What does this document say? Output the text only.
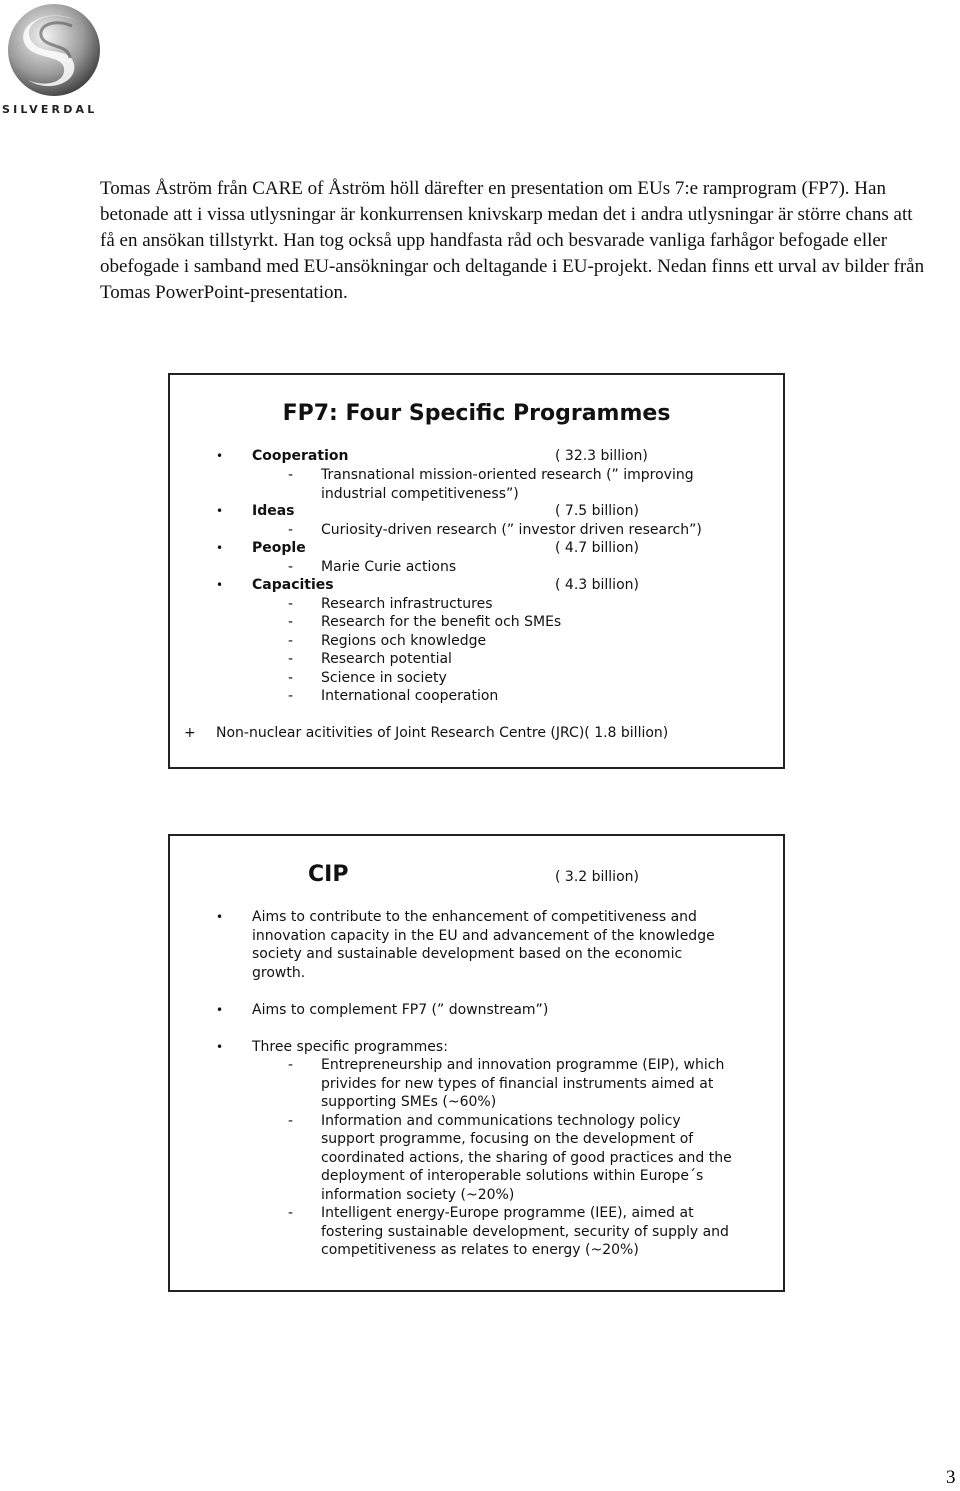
SILVERDAL
Tomas Åström från CARE of Åström höll därefter en presentation om EUs 7:e ramprogram (FP7). Han betonade att i vissa utlysningar är konkurrensen knivskarp medan det i andra utlysningar är större chans att få en ansökan tillstyrkt. Han tog också upp handfasta råd och besvarade vanliga farhågor befogade eller obefogade i samband med EU-ansökningar och deltagande i EU-projekt. Nedan finns ett urval av bilder från Tomas PowerPoint-presentation.
FP7: Four Specific Programmes
•
Cooperation	( 32.3 billion)
-
Transnational mission-oriented research (” improving
industrial competitiveness”)
•
Ideas	( 7.5 billion)
-
Curiosity-driven research (” investor driven research”)
•
People	( 4.7 billion)
-
Marie Curie actions
•
Capacities	( 4.3 billion)
-
Research infrastructures
-
Research for the benefit och SMEs
-
Regions och knowledge
-
Research potential
-
Science in society
-
International cooperation
+ Non-nuclear acitivities of Joint Research Centre (JRC)( 1.8 billion)
CIP	( 3.2 billion)
•
Aims to contribute to the enhancement of competitiveness and
innovation capacity in the EU and advancement of the knowledge
society and sustainable development based on the economic
growth.
•
Aims to complement FP7 (” downstream”)
•
Three specific programmes:
-
Entrepreneurship and innovation programme (EIP), which
privides for new types of financial instruments aimed at
supporting SMEs (~60%)
-
Information and communications technology policy
support programme, focusing on the development of
coordinated actions, the sharing of good practices and the
deployment of interoperable solutions within Europe´s
information society (~20%)
-
Intelligent energy-Europe programme (IEE), aimed at
fostering sustainable development, security of supply and
competitiveness as relates to energy (~20%)
3
